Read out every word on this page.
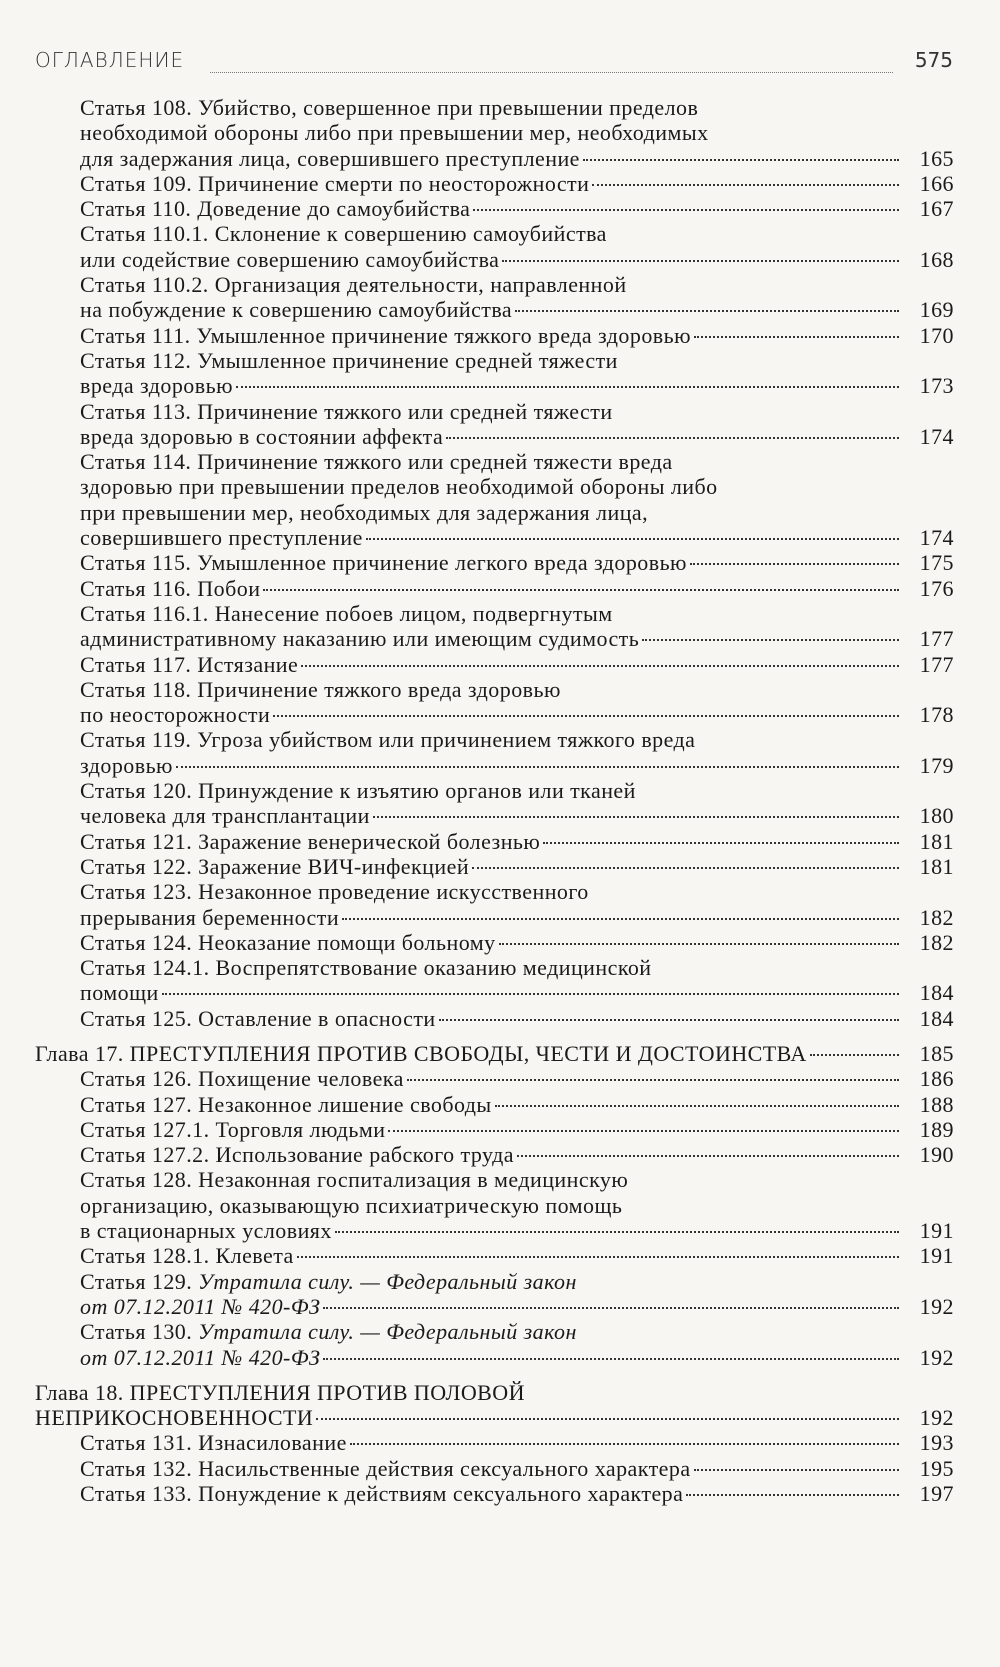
ОГЛАВЛЕНИЕ	575
Статья 108. Убийство, совершенное при превышении пределов
необходимой обороны либо при превышении мер, необходимых
для задержания лица, совершившего преступление	165
Статья 109. Причинение смерти по неосторожности	166
Статья 110. Доведение до самоубийства	167
Статья 110.1. Склонение к совершению самоубийства
или содействие совершению самоубийства	168
Статья 110.2. Организация деятельности, направленной
на побуждение к совершению самоубийства	169
Статья 111. Умышленное причинение тяжкого вреда здоровью	170
Статья 112. Умышленное причинение средней тяжести
вреда здоровью	173
Статья 113. Причинение тяжкого или средней тяжести
вреда здоровью в состоянии аффекта	174
Статья 114. Причинение тяжкого или средней тяжести вреда
здоровью при превышении пределов необходимой обороны либо
при превышении мер, необходимых для задержания лица,
совершившего преступление	174
Статья 115. Умышленное причинение легкого вреда здоровью	175
Статья 116. Побои	176
Статья 116.1. Нанесение побоев лицом, подвергнутым
административному наказанию или имеющим судимость	177
Статья 117. Истязание	177
Статья 118. Причинение тяжкого вреда здоровью
по неосторожности	178
Статья 119. Угроза убийством или причинением тяжкого вреда
здоровью	179
Статья 120. Принуждение к изъятию органов или тканей
человека для трансплантации	180
Статья 121. Заражение венерической болезнью	181
Статья 122. Заражение ВИЧ-инфекцией	181
Статья 123. Незаконное проведение искусственного
прерывания беременности	182
Статья 124. Неоказание помощи больному	182
Статья 124.1. Воспрепятствование оказанию медицинской
помощи	184
Статья 125. Оставление в опасности	184
Глава 17. ПРЕСТУПЛЕНИЯ ПРОТИВ СВОБОДЫ, ЧЕСТИ И ДОСТОИНСТВА	185
Статья 126. Похищение человека	186
Статья 127. Незаконное лишение свободы	188
Статья 127.1. Торговля людьми	189
Статья 127.2. Использование рабского труда	190
Статья 128. Незаконная госпитализация в медицинскую
организацию, оказывающую психиатрическую помощь
в стационарных условиях	191
Статья 128.1. Клевета	191
Статья 129. Утратила силу. — Федеральный закон
от 07.12.2011 № 420-ФЗ	192
Статья 130. Утратила силу. — Федеральный закон
от 07.12.2011 № 420-ФЗ	192
Глава 18. ПРЕСТУПЛЕНИЯ ПРОТИВ ПОЛОВОЙ
НЕПРИКОСНОВЕННОСТИ	192
Статья 131. Изнасилование	193
Статья 132. Насильственные действия сексуального характера	195
Статья 133. Понуждение к действиям сексуального характера	197
